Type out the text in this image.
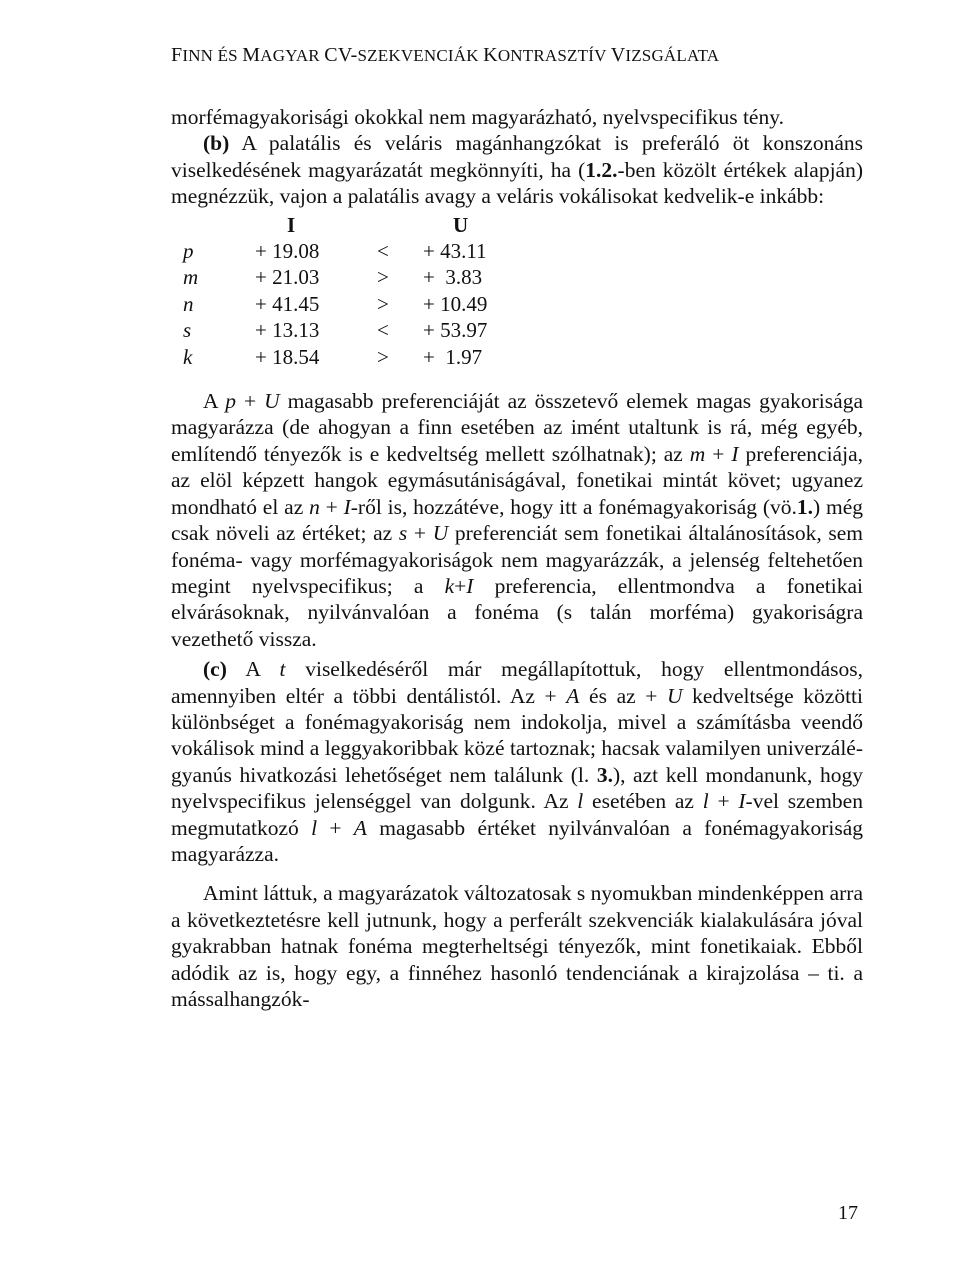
FINN ÉS MAGYAR CV-SZEKVENCIÁK KONTRASZTÍV VIZSGÁLATA

morfémagyakorisági okokkal nem magyarázható, nyelvspecifikus tény.

(b) A palatális és veláris magánhangzókat is preferáló öt konszonáns viselkedésének magyarázatát megkönnyíti, ha (1.2.-ben közölt értékek alapján) megnézzük, vajon a palatális avagy a veláris vokálisokat kedvelik-e inkább:

	I		U
p	+ 19.08	<	+ 43.11
m	+ 21.03	>	+  3.83
n	+ 41.45	>	+ 10.49
s	+ 13.13	<	+ 53.97
k	+ 18.54	>	+  1.97

A p + U magasabb preferenciáját az összetevő elemek magas gyakorisága magyarázza (de ahogyan a finn esetében az imént utaltunk is rá, még egyéb, említendő tényezők is e kedveltség mellett szólhatnak); az m + I preferenciája, az elöl képzett hangok egymásutániságával, fonetikai mintát követ; ugyanez mondható el az n + I-ről is, hozzátéve, hogy itt a fonémagyakoriság (vö.1.) még csak növeli az értéket; az s + U preferenciát sem fonetikai általánosítások, sem fonéma- vagy morfémagyakoriságok nem magyarázzák, a jelenség feltehetően megint nyelvspecifikus; a k+I preferencia, ellentmondva a fonetikai elvárásoknak, nyilvánvalóan a fonéma (s talán morféma) gyakoriságra vezethető vissza.

(c) A t viselkedéséről már megállapítottuk, hogy ellentmondásos, amennyiben eltér a többi dentálistól. Az + A és az + U kedveltsége közötti különbséget a fonémagyakoriság nem indokolja, mivel a számításba veendő vokálisok mind a leggyakoribbak közé tartoznak; hacsak valamilyen univerzálé-gyanús hivatkozási lehetőséget nem találunk (l. 3.), azt kell mondanunk, hogy nyelvspecifikus jelenséggel van dolgunk. Az l esetében az l + I-vel szemben megmutatkozó l + A magasabb értéket nyilvánvalóan a fonémagyakoriság magyarázza.

Amint láttuk, a magyarázatok változatosak s nyomukban mindenképpen arra a következtetésre kell jutnunk, hogy a perferált szekvenciák kialakulására jóval gyakrabban hatnak fonéma megterheltségi tényezők, mint fonetikaiak. Ebből adódik az is, hogy egy, a finnéhez hasonló tendenciának a kirajzolása – ti. a mássalhangzók-

17
